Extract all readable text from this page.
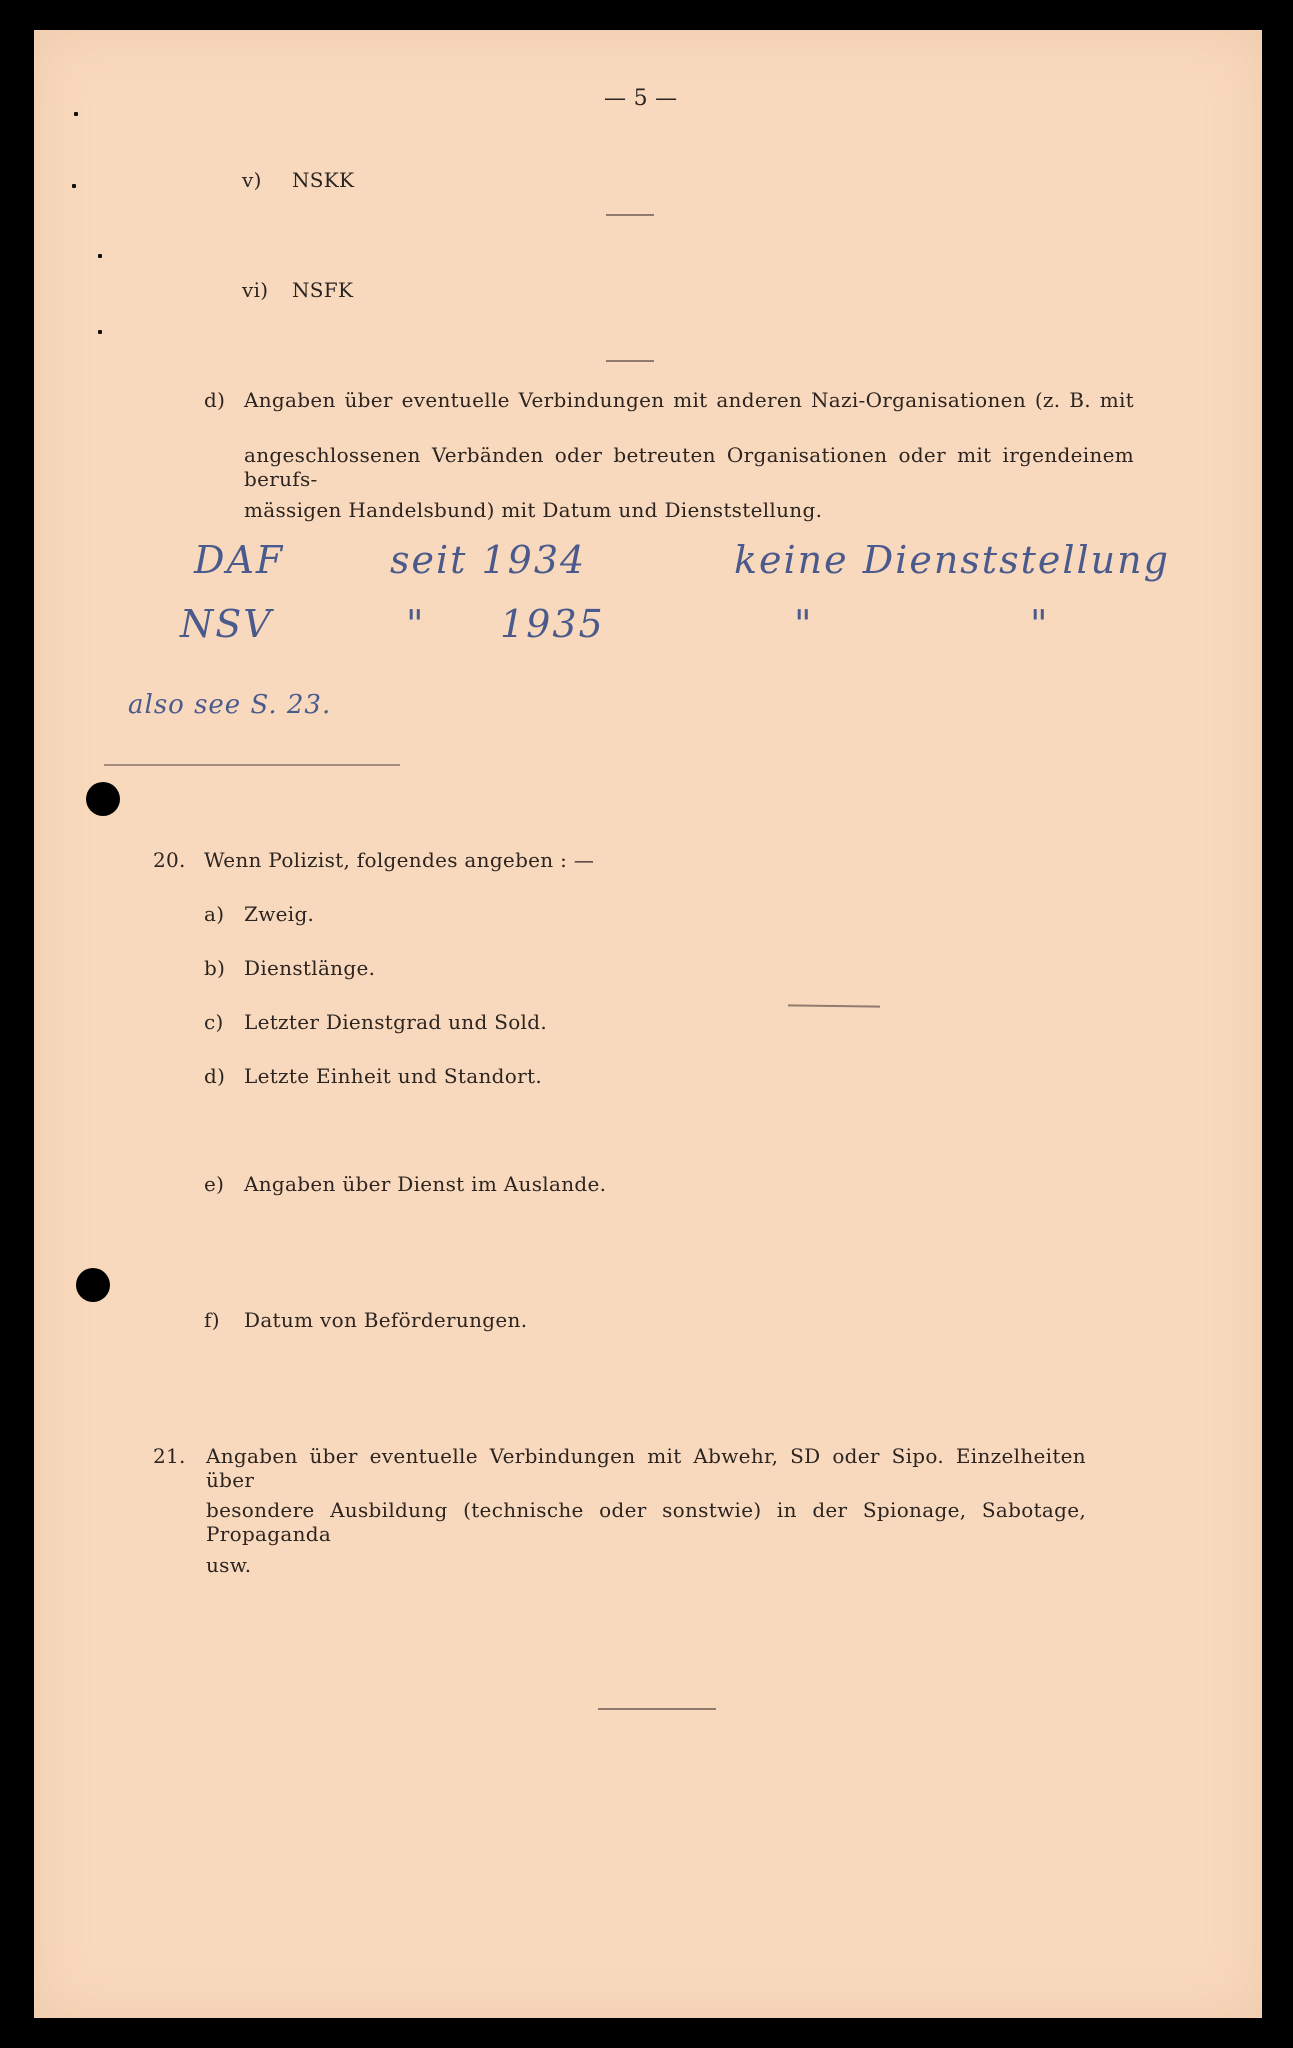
— 5 —
v) NSKK
vi) NSFK
d) Angaben über eventuelle Verbindungen mit anderen Nazi-Organisationen (z. B. mit
angeschlossenen Verbänden oder betreuten Organisationen oder mit irgendeinem berufs-
mässigen Handelsbund) mit Datum und Dienststellung.
DAF	seit 1934	keine Dienststellung
NSV	" 1935	"	"
also see S. 23.
20. Wenn Polizist, folgendes angeben : —
a) Zweig.
b) Dienstlänge.
c) Letzter Dienstgrad und Sold.
d) Letzte Einheit und Standort.
e) Angaben über Dienst im Auslande.
f) Datum von Beförderungen.
21. Angaben über eventuelle Verbindungen mit Abwehr, SD oder Sipo. Einzelheiten über
besondere Ausbildung (technische oder sonstwie) in der Spionage, Sabotage, Propaganda
usw.
